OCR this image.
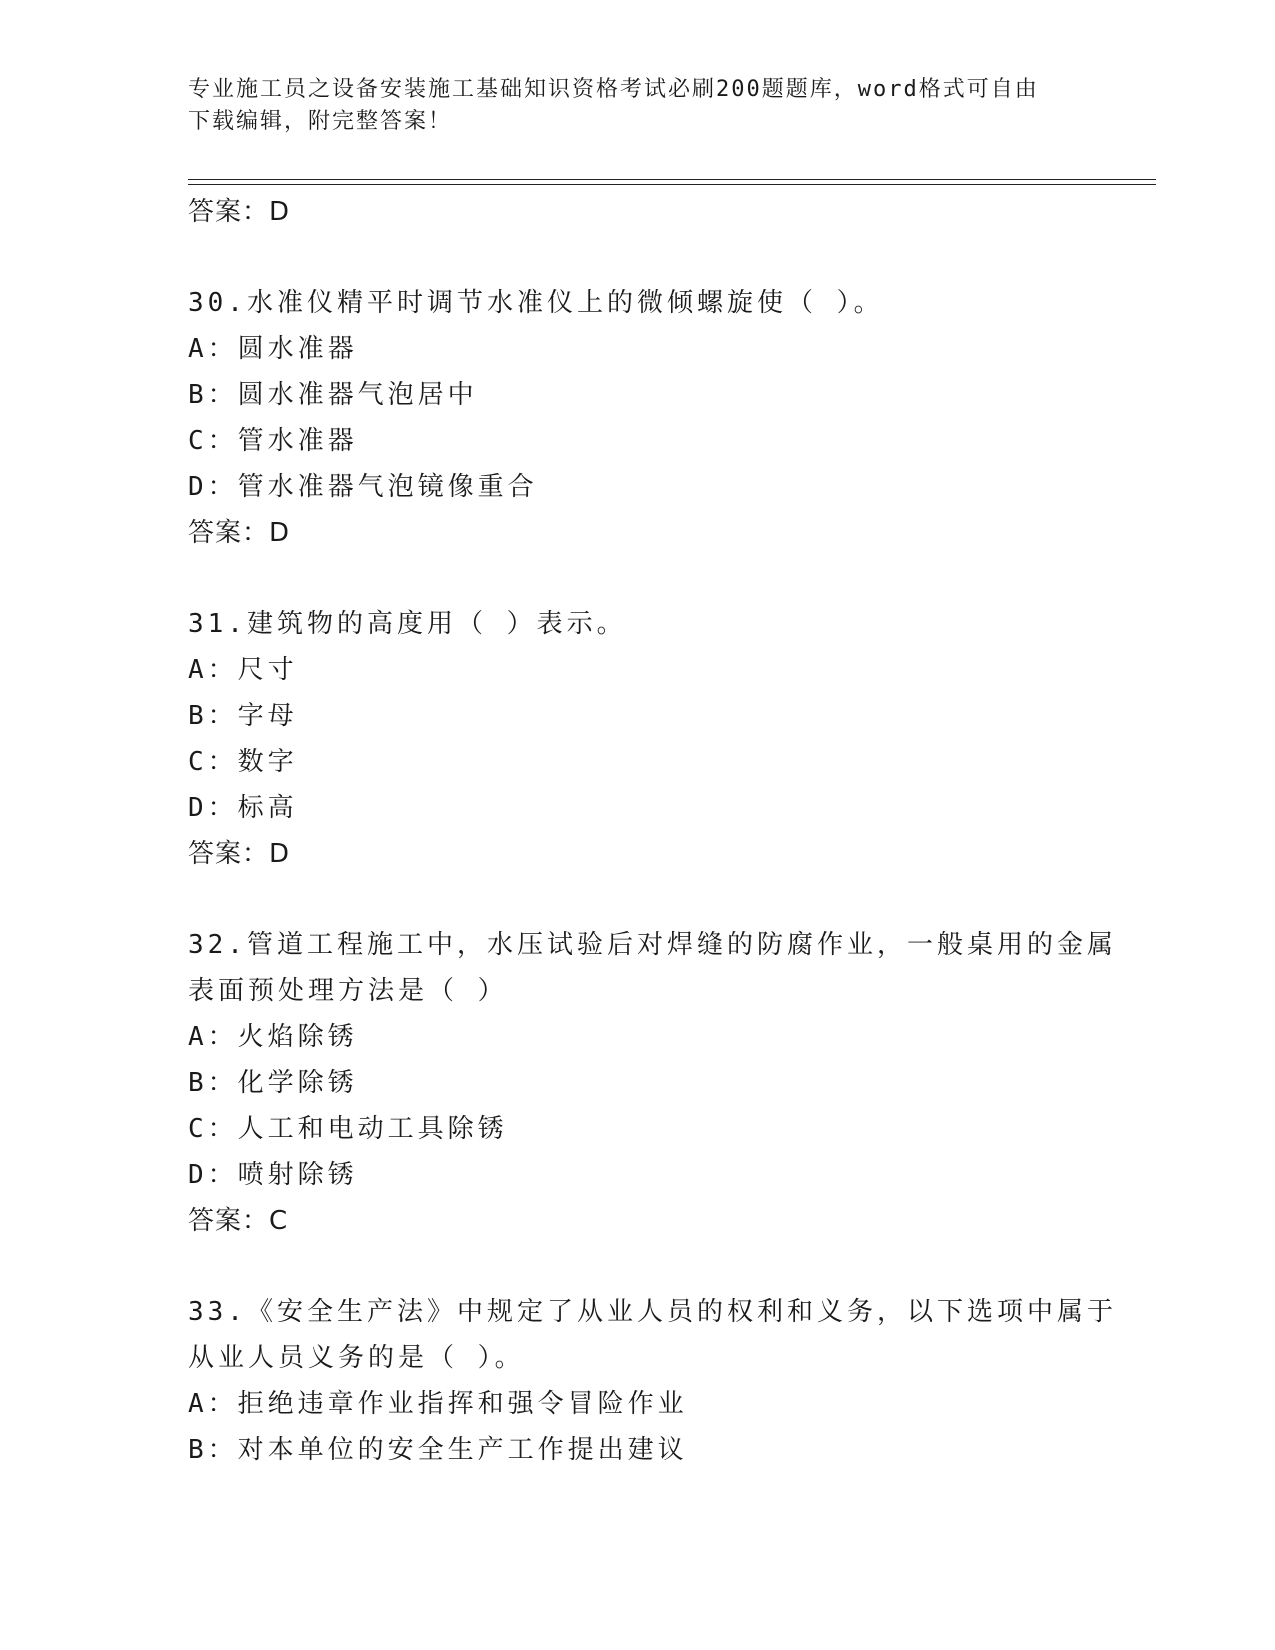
专业施工员之设备安装施工基础知识资格考试必刷200题题库，word格式可自由
下载编辑，附完整答案！
答案：D
30.水准仪精平时调节水准仪上的微倾螺旋使（ ）。
A：圆水准器
B：圆水准器气泡居中
C：管水准器
D：管水准器气泡镜像重合
答案：D
31.建筑物的高度用（ ）表示。
A：尺寸
B：字母
C：数字
D：标高
答案：D
32.管道工程施工中，水压试验后对焊缝的防腐作业，一般桌用的金属
表面预处理方法是（ ）
A：火焰除锈
B：化学除锈
C：人工和电动工具除锈
D：喷射除锈
答案：C
33.《安全生产法》中规定了从业人员的权利和义务，以下选项中属于
从业人员义务的是（ ）。
A：拒绝违章作业指挥和强令冒险作业
B：对本单位的安全生产工作提出建议
